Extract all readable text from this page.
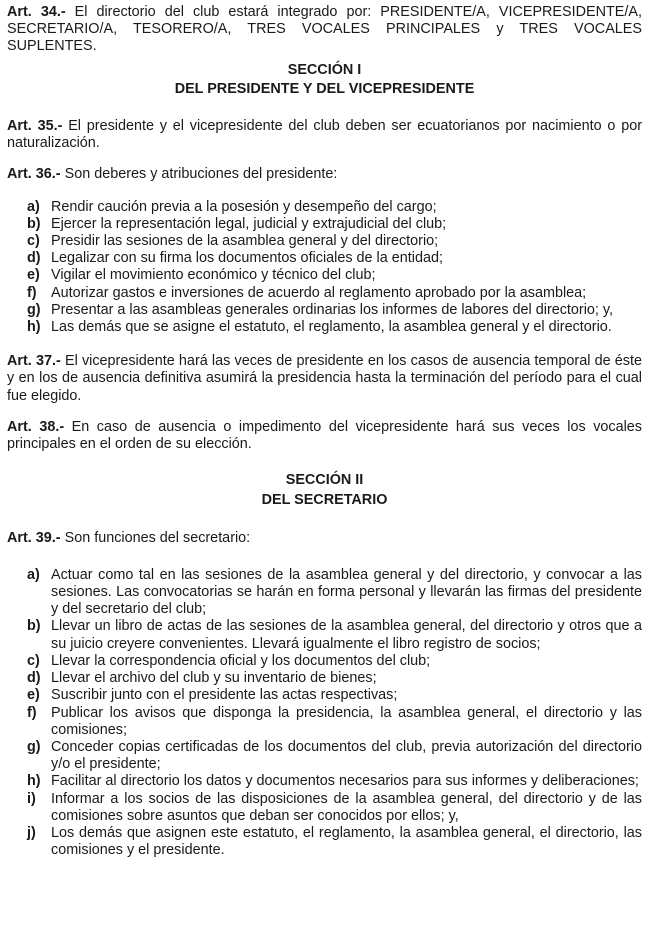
Art. 34.- El directorio del club estará integrado por: PRESIDENTE/A, VICEPRESIDENTE/A, SECRETARIO/A, TESORERO/A, TRES VOCALES PRINCIPALES y TRES VOCALES SUPLENTES.

SECCIÓN I

DEL PRESIDENTE Y DEL VICEPRESIDENTE

Art. 35.- El presidente y el vicepresidente del club deben ser ecuatorianos por nacimiento o por naturalización.

Art. 36.- Son deberes y atribuciones del presidente:

a) Rendir caución previa a la posesión y desempeño del cargo;
b) Ejercer la representación legal, judicial y extrajudicial del club;
c) Presidir las sesiones de la asamblea general y del directorio;
d) Legalizar con su firma los documentos oficiales de la entidad;
e) Vigilar el movimiento económico y técnico del club;
f)	Autorizar gastos e inversiones de acuerdo al reglamento aprobado por la asamblea;
g) Presentar a las asambleas generales ordinarias los informes de labores del directorio; y,
h) Las demás que se asigne el estatuto, el reglamento, la asamblea general y el directorio.

Art. 37.- El vicepresidente hará las veces de presidente en los casos de ausencia temporal de éste y en los de ausencia definitiva asumirá la presidencia hasta la terminación del período para el cual fue elegido.

Art. 38.- En caso de ausencia o impedimento del vicepresidente hará sus veces los vocales principales en el orden de su elección.

SECCIÓN II

DEL SECRETARIO

Art. 39.- Son funciones del secretario:

a) Actuar como tal en las sesiones de la asamblea general y del directorio, y convocar a las sesiones. Las convocatorias se harán en forma personal y llevarán las firmas del presidente y del secretario del club;
b) Llevar un libro de actas de las sesiones de la asamblea general, del directorio y otros que a su juicio creyere convenientes. Llevará igualmente el libro registro de socios;
c) Llevar la correspondencia oficial y los documentos del club;
d) Llevar el archivo del club y su inventario de bienes;
e) Suscribir junto con el presidente las actas respectivas;
f)	Publicar los avisos que disponga la presidencia, la asamblea general, el directorio y las comisiones;
g) Conceder copias certificadas de los documentos del club, previa autorización del directorio y/o el presidente;
h) Facilitar al directorio los datos y documentos necesarios para sus informes y deliberaciones;
i)	Informar a los socios de las disposiciones de la asamblea general, del directorio y de las comisiones sobre asuntos que deban ser conocidos por ellos; y,
j)	Los demás que asignen este estatuto, el reglamento, la asamblea general, el directorio, las comisiones y el presidente.
